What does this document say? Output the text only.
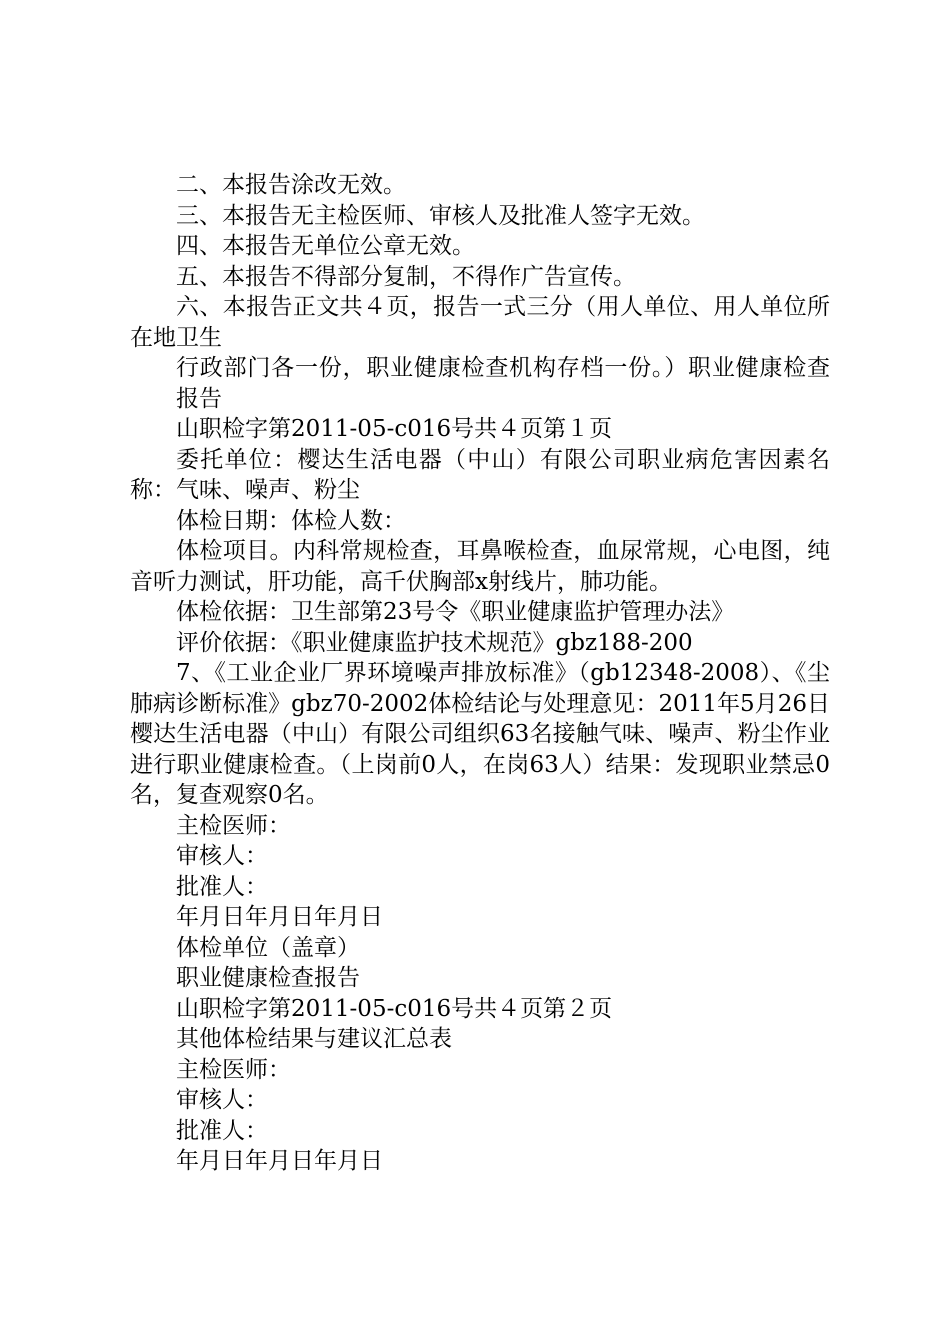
二、本报告涂改无效。

三、本报告无主检医师、审核人及批准人签字无效。

四、本报告无单位公章无效。

五、本报告不得部分复制，不得作广告宣传。

六、本报告正文共４页，报告一式三分（用人单位、用人单位所在地卫生

行政部门各一份，职业健康检查机构存档一份。）职业健康检查报告

山职检字第2011-05-c016号共４页第１页

委托单位：樱达生活电器（中山）有限公司职业病危害因素名称：气味、噪声、粉尘

体检日期：体检人数：

体检项目。内科常规检查，耳鼻喉检查，血尿常规，心电图，纯音听力测试，肝功能，高千伏胸部x射线片，肺功能。

体检依据：卫生部第23号令《职业健康监护管理办法》

评价依据：《职业健康监护技术规范》gbz188-200

7、《工业企业厂界环境噪声排放标准》（gb12348-2008）、《尘肺病诊断标准》gbz70-2002体检结论与处理意见：2011年5月26日樱达生活电器（中山）有限公司组织63名接触气味、噪声、粉尘作业进行职业健康检查。（上岗前0人，在岗63人）结果：发现职业禁忌0名，复查观察0名。

主检医师：

审核人：

批准人：

年月日年月日年月日

体检单位（盖章）

职业健康检查报告

山职检字第2011-05-c016号共４页第２页

其他体检结果与建议汇总表

主检医师：

审核人：

批准人：

年月日年月日年月日
